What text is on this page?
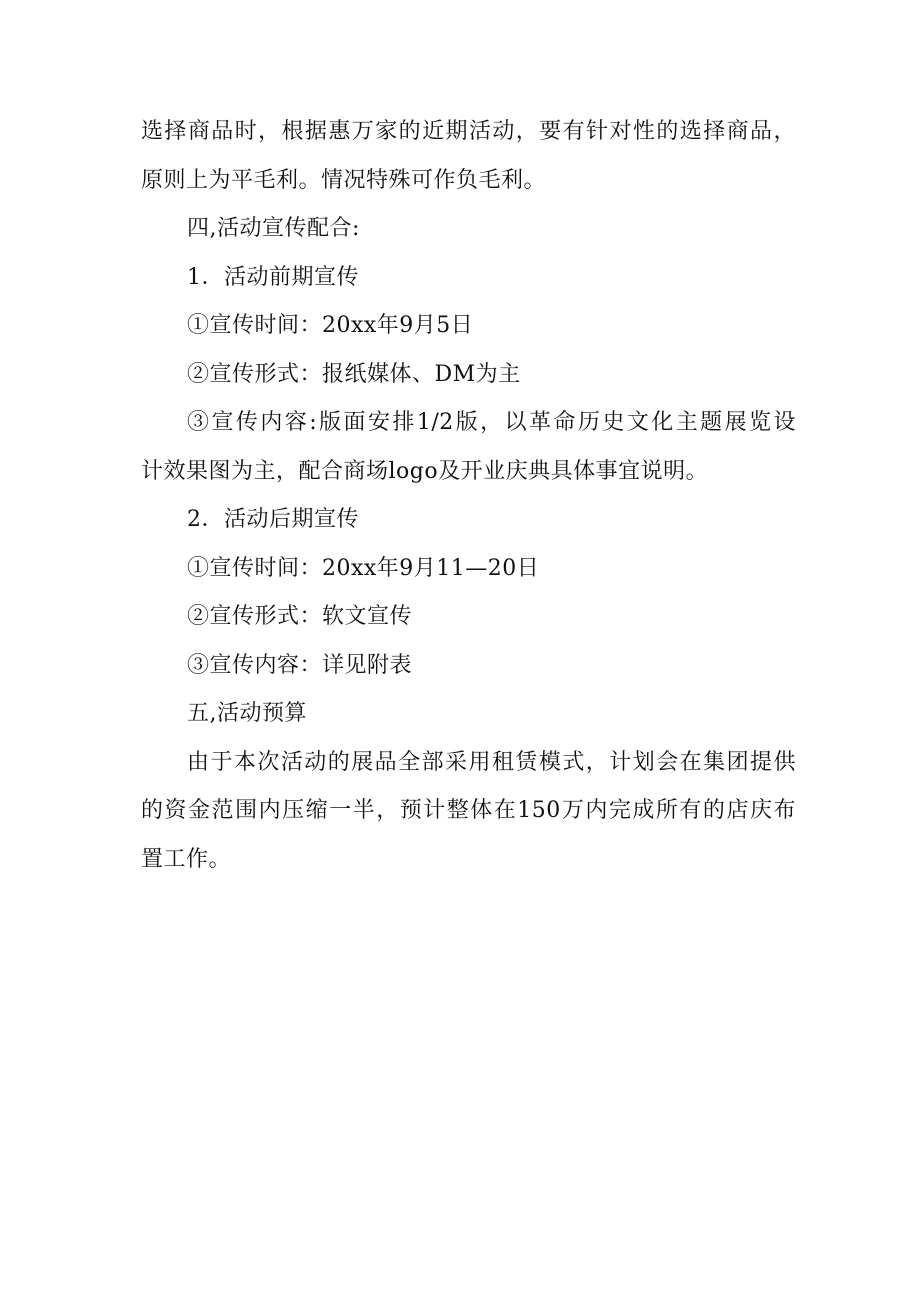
选择商品时，根据惠万家的近期活动，要有针对性的选择商品，
原则上为平毛利。情况特殊可作负毛利。
四,活动宣传配合:
1．活动前期宣传
①宣传时间：20xx年9月5日
②宣传形式：报纸媒体、DM为主
③宣传内容:版面安排1/2版，以革命历史文化主题展览设
计效果图为主，配合商场logo及开业庆典具体事宜说明。
2．活动后期宣传
①宣传时间：20xx年9月11—20日
②宣传形式：软文宣传
③宣传内容：详见附表
五,活动预算
由于本次活动的展品全部采用租赁模式，计划会在集团提供
的资金范围内压缩一半，预计整体在150万内完成所有的店庆布
置工作。
